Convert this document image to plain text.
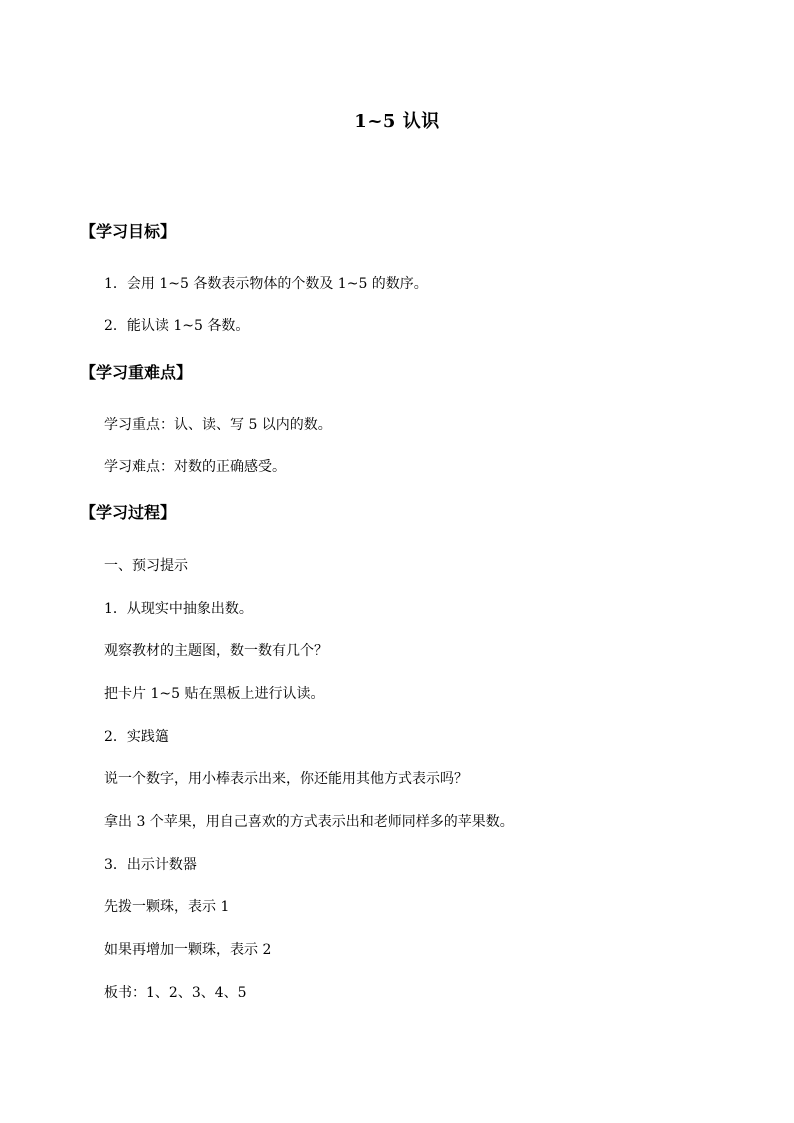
1~5 认识
【学习目标】
1．会用 1~5 各数表示物体的个数及 1~5 的数序。
2．能认读 1~5 各数。
【学习重难点】
学习重点：认、读、写 5 以内的数。
学习难点：对数的正确感受。
【学习过程】
一、预习提示
1．从现实中抽象出数。
观察教材的主题图，数一数有几个？
把卡片 1~5 贴在黑板上进行认读。
2．实践簻
说一个数字，用小棒表示出来，你还能用其他方式表示吗？
拿出 3 个苹果，用自己喜欢的方式表示出和老师同样多的苹果数。
3．出示计数器
先拨一颗珠，表示 1
如果再增加一颗珠，表示 2
板书：1、2、3、4、5
